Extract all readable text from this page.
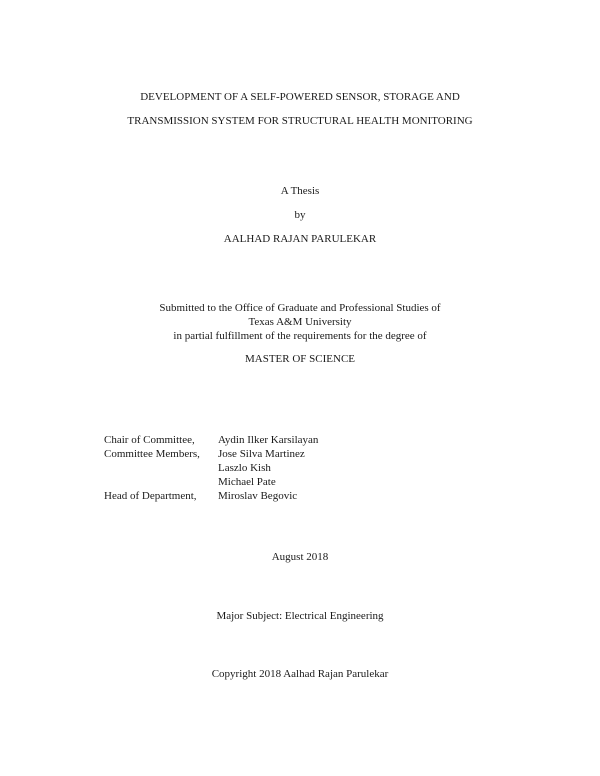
DEVELOPMENT OF A SELF-POWERED SENSOR, STORAGE AND
TRANSMISSION SYSTEM FOR STRUCTURAL HEALTH MONITORING
A Thesis
by
AALHAD RAJAN PARULEKAR
Submitted to the Office of Graduate and Professional Studies of
Texas A&M University
in partial fulfillment of the requirements for the degree of
MASTER OF SCIENCE
Chair of Committee, Aydin Ilker Karsilayan
Committee Members, Jose Silva Martinez
Laszlo Kish
Michael Pate
Head of Department, Miroslav Begovic
August 2018
Major Subject: Electrical Engineering
Copyright 2018 Aalhad Rajan Parulekar
